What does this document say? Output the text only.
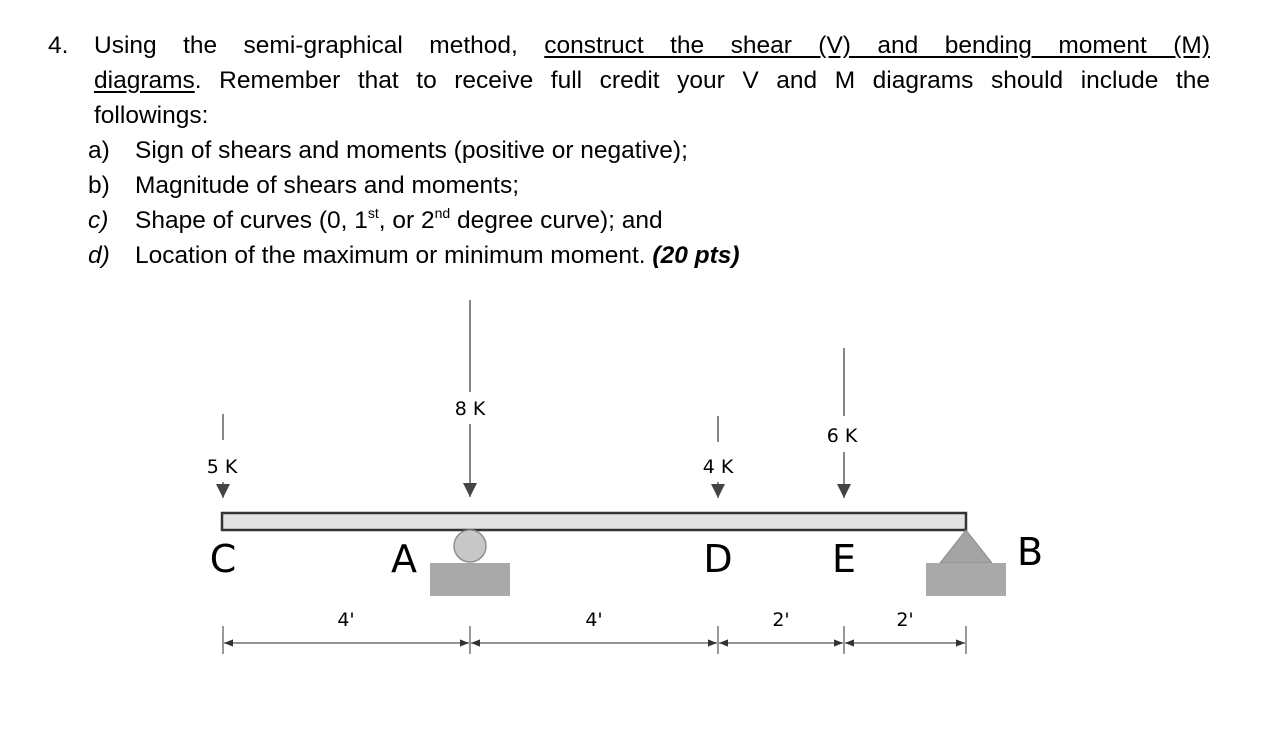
4. Using the semi-graphical method, construct the shear (V) and bending moment (M)
diagrams. Remember that to receive full credit your V and M diagrams should include the
followings:
a) Sign of shears and moments (positive or negative);
b) Magnitude of shears and moments;
c) Shape of curves (0, 1st, or 2nd degree curve); and
d) Location of the maximum or minimum moment. (20 pts)
5 K
8 K
4 K
6 K
C	A	D	E	B
4'	4'	2'	2'
